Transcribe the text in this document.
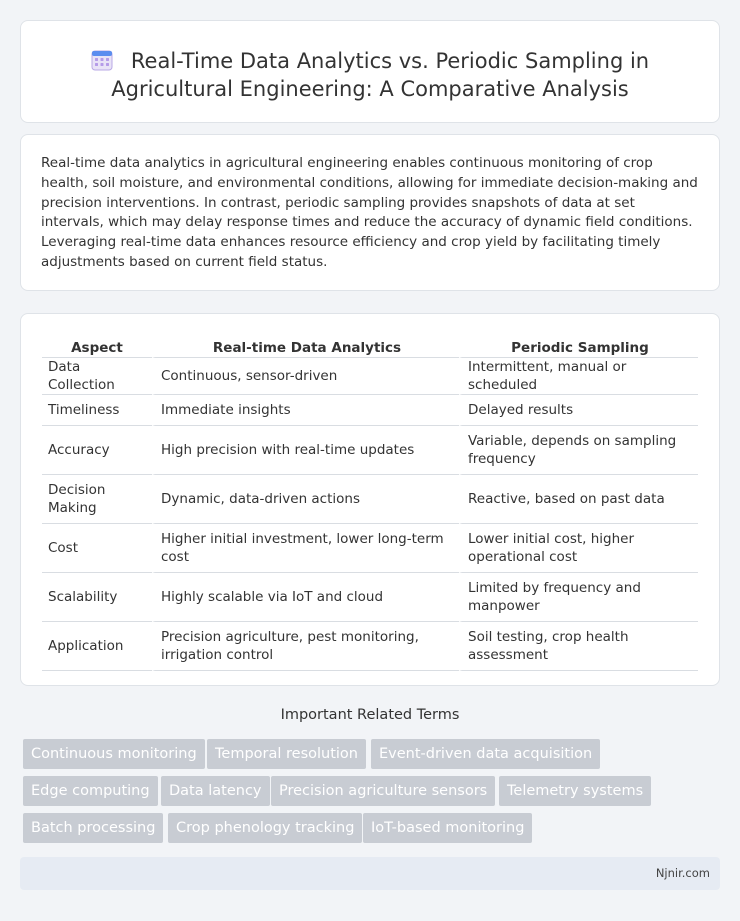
Real-Time Data Analytics vs. Periodic Sampling in Agricultural Engineering: A Comparative Analysis

Real-time data analytics in agricultural engineering enables continuous monitoring of crop health, soil moisture, and environmental conditions, allowing for immediate decision-making and precision interventions. In contrast, periodic sampling provides snapshots of data at set intervals, which may delay response times and reduce the accuracy of dynamic field conditions. Leveraging real-time data enhances resource efficiency and crop yield by facilitating timely adjustments based on current field status.

Aspect	Real-time Data Analytics	Periodic Sampling
Data Collection	Continuous, sensor-driven	Intermittent, manual or scheduled
Timeliness	Immediate insights	Delayed results
Accuracy	High precision with real-time updates	Variable, depends on sampling frequency
Decision Making	Dynamic, data-driven actions	Reactive, based on past data
Cost	Higher initial investment, lower long-term cost	Lower initial cost, higher operational cost
Scalability	Highly scalable via IoT and cloud	Limited by frequency and manpower
Application	Precision agriculture, pest monitoring, irrigation control	Soil testing, crop health assessment
Important Related Terms
Continuous monitoring	Temporal resolution	Event-driven data acquisition
Edge computing	Data latency	Precision agriculture sensors	Telemetry systems
Batch processing	Crop phenology tracking	IoT-based monitoring
Njnir.com
